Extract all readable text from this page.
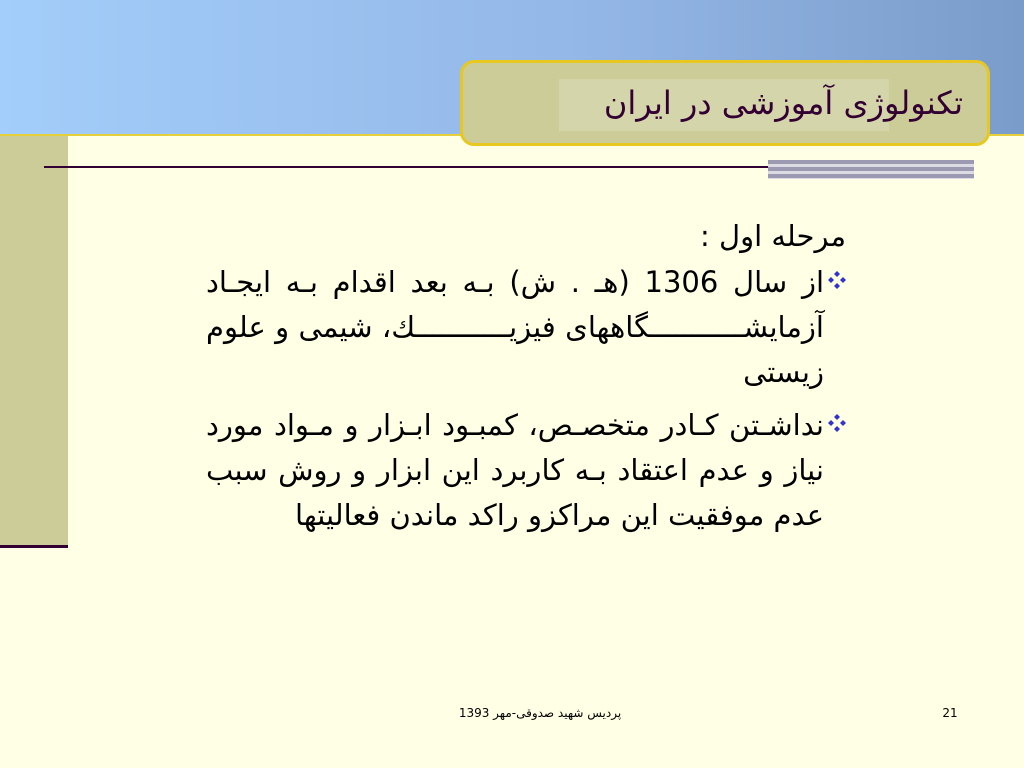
تکنولوژی آموزشی در ایران
مرحله اول :
از سال 1306 (هـ . ش) بـه بعد اقدام بـه ایجـاد آزمایشـــــــــــگاههای فیزیـــــــــــك، شیمی و علوم زیستی
نداشـتن کـادر متخصـص، کمبـود ابـزار و مـواد مورد نیاز و عدم اعتقاد بـه کاربرد این ابزار و روش سبب عدم موفقیت این مراکزو راکد ماندن فعالیتها
پردیس شهید صدوقی-مهر 1393	21
